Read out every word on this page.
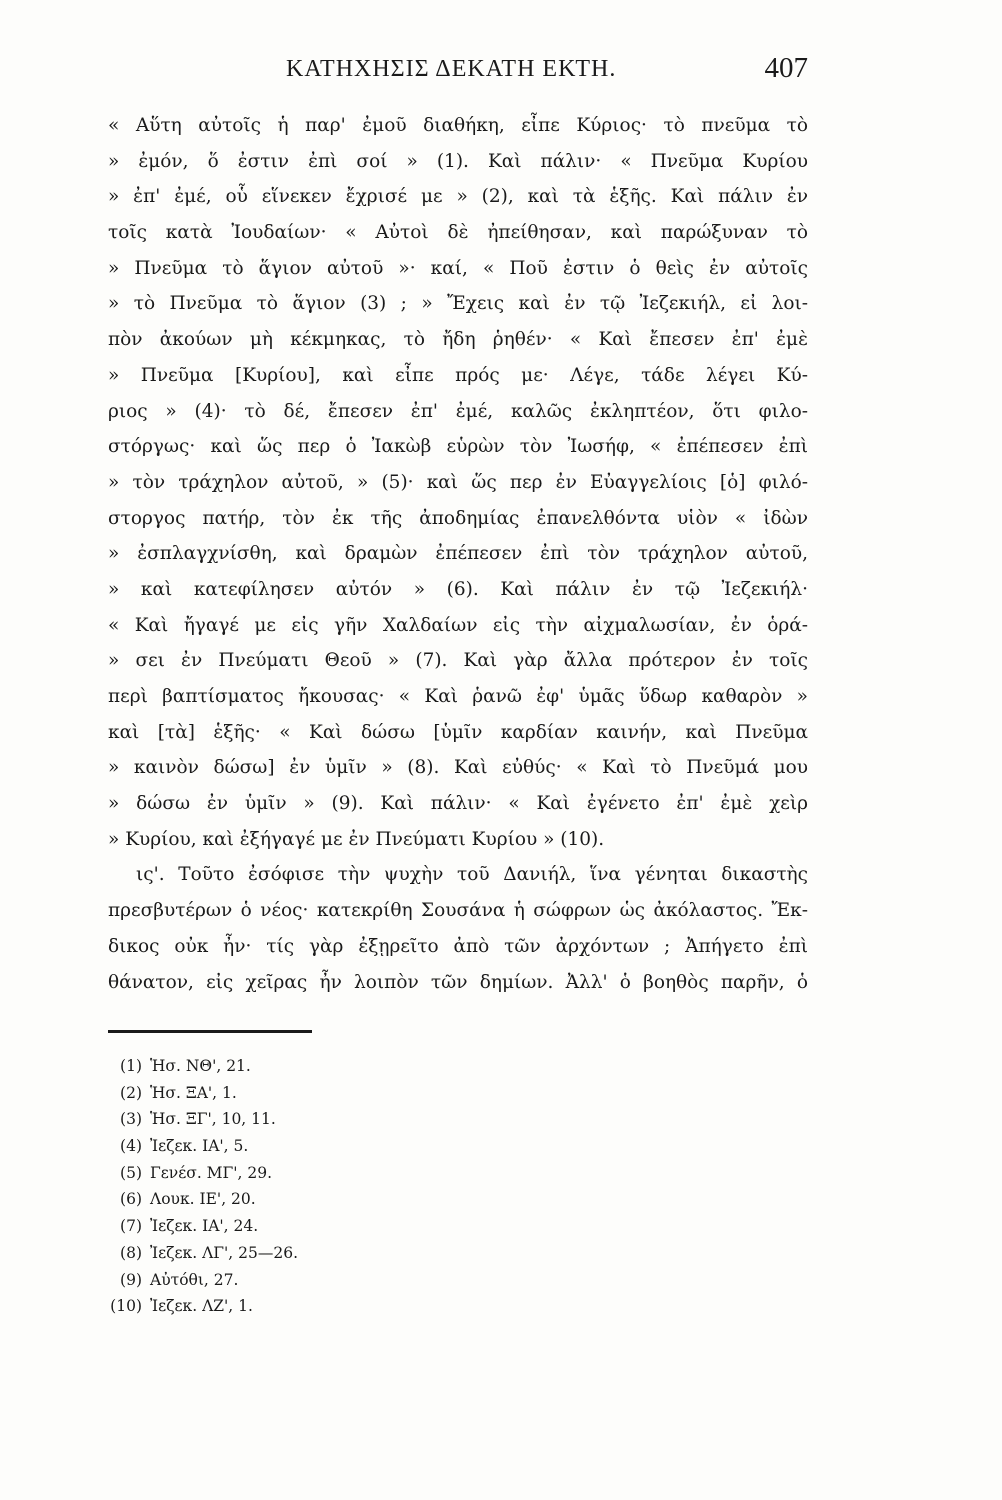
ΚΑΤΗΧΗΣΙΣ ΔΕΚΑΤΗ ΕΚΤΗ.	407
« Αὕτη αὐτοῖς ἡ παρ' ἐμοῦ διαθήκη, εἶπε Κύριος· τὸ πνεῦμα τὸ
» ἐμόν, ὅ ἐστιν ἐπὶ σοί » (1). Καὶ πάλιν· « Πνεῦμα Κυρίου
» ἐπ' ἐμέ, οὗ εἵνεκεν ἔχρισέ με » (2), καὶ τὰ ἑξῆς. Καὶ πάλιν ἐν
τοῖς κατὰ Ἰουδαίων· « Αὐτοὶ δὲ ἠπείθησαν, καὶ παρώξυναν τὸ
» Πνεῦμα τὸ ἅγιον αὐτοῦ »· καί, « Ποῦ ἐστιν ὁ θεὶς ἐν αὐτοῖς
» τὸ Πνεῦμα τὸ ἅγιον (3) ; » Ἔχεις καὶ ἐν τῷ Ἰεζεκιήλ, εἰ λοι-
πὸν ἀκούων μὴ κέκμηκας, τὸ ἤδη ῥηθέν· « Καὶ ἔπεσεν ἐπ' ἐμὲ
» Πνεῦμα [Κυρίου], καὶ εἶπε πρός με· Λέγε, τάδε λέγει Κύ-
ριος » (4)· τὸ δέ, ἔπεσεν ἐπ' ἐμέ, καλῶς ἐκληπτέον, ὅτι φιλο-
στόργως· καὶ ὥς περ ὁ Ἰακὼβ εὑρὼν τὸν Ἰωσήφ, « ἐπέπεσεν ἐπὶ
» τὸν τράχηλον αὐτοῦ, » (5)· καὶ ὥς περ ἐν Εὐαγγελίοις [ὁ] φιλό-
στοργος πατήρ, τὸν ἐκ τῆς ἀποδημίας ἐπανελθόντα υἱὸν « ἰδὼν
» ἐσπλαγχνίσθη, καὶ δραμὼν ἐπέπεσεν ἐπὶ τὸν τράχηλον αὐτοῦ,
» καὶ κατεφίλησεν αὐτόν » (6). Καὶ πάλιν ἐν τῷ Ἰεζεκιήλ·
« Καὶ ἤγαγέ με εἰς γῆν Χαλδαίων εἰς τὴν αἰχμαλωσίαν, ἐν ὁρά-
» σει ἐν Πνεύματι Θεοῦ » (7). Καὶ γὰρ ἄλλα πρότερον ἐν τοῖς
περὶ βαπτίσματος ἤκουσας· « Καὶ ῥανῶ ἐφ' ὑμᾶς ὕδωρ καθαρὸν »
καὶ [τὰ] ἑξῆς· « Καὶ δώσω [ὑμῖν καρδίαν καινήν, καὶ Πνεῦμα
» καινὸν δώσω] ἐν ὑμῖν » (8). Καὶ εὐθύς· « Καὶ τὸ Πνεῦμά μου
» δώσω ἐν ὑμῖν » (9). Καὶ πάλιν· « Καὶ ἐγένετο ἐπ' ἐμὲ χεὶρ
» Κυρίου, καὶ ἐξήγαγέ με ἐν Πνεύματι Κυρίου » (10).
ις'. Τοῦτο ἐσόφισε τὴν ψυχὴν τοῦ Δανιήλ, ἵνα γένηται δικαστὴς
πρεσβυτέρων ὁ νέος· κατεκρίθη Σουσάνα ἡ σώφρων ὡς ἀκόλαστος. Ἔκ-
δικος οὐκ ἦν· τίς γὰρ ἐξῃρεῖτο ἀπὸ τῶν ἀρχόντων ; Ἀπήγετο ἐπὶ
θάνατον, εἰς χεῖρας ἦν λοιπὸν τῶν δημίων. Ἀλλ' ὁ βοηθὸς παρῆν, ὁ
(1) Ἡσ. ΝΘ', 21.
(2) Ἡσ. ΞΑ', 1.
(3) Ἡσ. ΞΓ', 10, 11.
(4) Ἰεζεκ. ΙΑ', 5.
(5) Γενέσ. ΜΓ', 29.
(6) Λουκ. ΙΕ', 20.
(7) Ἰεζεκ. ΙΑ', 24.
(8) Ἰεζεκ. ΛΓ', 25—26.
(9) Αὐτόθι, 27.
(10) Ἰεζεκ. ΛΖ', 1.
